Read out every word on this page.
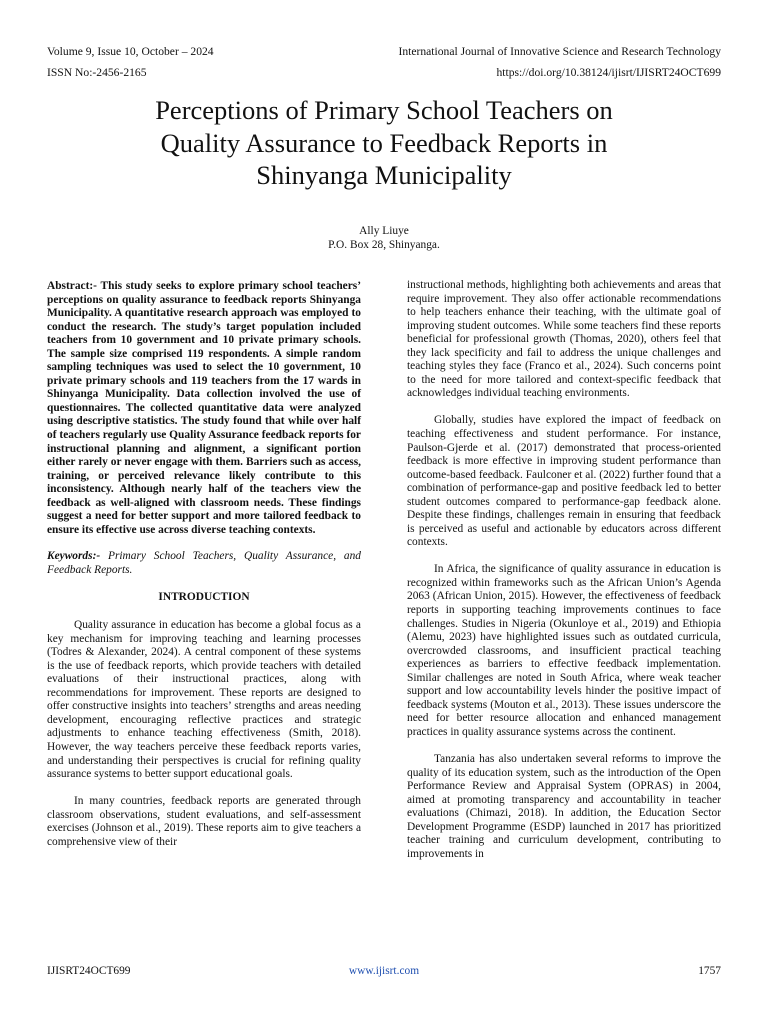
Volume 9, Issue 10, October – 2024
ISSN No:-2456-2165
International Journal of Innovative Science and Research Technology
https://doi.org/10.38124/ijisrt/IJISRT24OCT699
Perceptions of Primary School Teachers on
Quality Assurance to Feedback Reports in
Shinyanga Municipality
Ally Liuye
P.O. Box 28, Shinyanga.

Abstract:- This study seeks to explore primary school teachers’ perceptions on quality assurance to feedback reports Shinyanga Municipality. A quantitative research approach was employed to conduct the research. The study’s target population included teachers from 10 government and 10 private primary schools. The sample size comprised 119 respondents. A simple random sampling techniques was used to select the 10 government, 10 private primary schools and 119 teachers from the 17 wards in Shinyanga Municipality. Data collection involved the use of questionnaires. The collected quantitative data were analyzed using descriptive statistics. The study found that while over half of teachers regularly use Quality Assurance feedback reports for instructional planning and alignment, a significant portion either rarely or never engage with them. Barriers such as access, training, or perceived relevance likely contribute to this inconsistency. Although nearly half of the teachers view the feedback as well-aligned with classroom needs. These findings suggest a need for better support and more tailored feedback to ensure its effective use across diverse teaching contexts.

Keywords:- Primary School Teachers, Quality Assurance, and Feedback Reports.

INTRODUCTION

Quality assurance in education has become a global focus as a key mechanism for improving teaching and learning processes (Todres & Alexander, 2024). A central component of these systems is the use of feedback reports, which provide teachers with detailed evaluations of their instructional practices, along with recommendations for improvement. These reports are designed to offer constructive insights into teachers’ strengths and areas needing development, encouraging reflective practices and strategic adjustments to enhance teaching effectiveness (Smith, 2018). However, the way teachers perceive these feedback reports varies, and understanding their perspectives is crucial for refining quality assurance systems to better support educational goals.

In many countries, feedback reports are generated through classroom observations, student evaluations, and self-assessment exercises (Johnson et al., 2019). These reports aim to give teachers a comprehensive view of their

instructional methods, highlighting both achievements and areas that require improvement. They also offer actionable recommendations to help teachers enhance their teaching, with the ultimate goal of improving student outcomes. While some teachers find these reports beneficial for professional growth (Thomas, 2020), others feel that they lack specificity and fail to address the unique challenges and teaching styles they face (Franco et al., 2024). Such concerns point to the need for more tailored and context-specific feedback that acknowledges individual teaching environments.

Globally, studies have explored the impact of feedback on teaching effectiveness and student performance. For instance, Paulson-Gjerde et al. (2017) demonstrated that process-oriented feedback is more effective in improving student performance than outcome-based feedback. Faulconer et al. (2022) further found that a combination of performance-gap and positive feedback led to better student outcomes compared to performance-gap feedback alone. Despite these findings, challenges remain in ensuring that feedback is perceived as useful and actionable by educators across different contexts.

In Africa, the significance of quality assurance in education is recognized within frameworks such as the African Union’s Agenda 2063 (African Union, 2015). However, the effectiveness of feedback reports in supporting teaching improvements continues to face challenges. Studies in Nigeria (Okunloye et al., 2019) and Ethiopia (Alemu, 2023) have highlighted issues such as outdated curricula, overcrowded classrooms, and insufficient practical teaching experiences as barriers to effective feedback implementation. Similar challenges are noted in South Africa, where weak teacher support and low accountability levels hinder the positive impact of feedback systems (Mouton et al., 2013). These issues underscore the need for better resource allocation and enhanced management practices in quality assurance systems across the continent.

Tanzania has also undertaken several reforms to improve the quality of its education system, such as the introduction of the Open Performance Review and Appraisal System (OPRAS) in 2004, aimed at promoting transparency and accountability in teacher evaluations (Chimazi, 2018). In addition, the Education Sector Development Programme (ESDP) launched in 2017 has prioritized teacher training and curriculum development, contributing to improvements in

IJISRT24OCT699	www.ijisrt.com	1757
